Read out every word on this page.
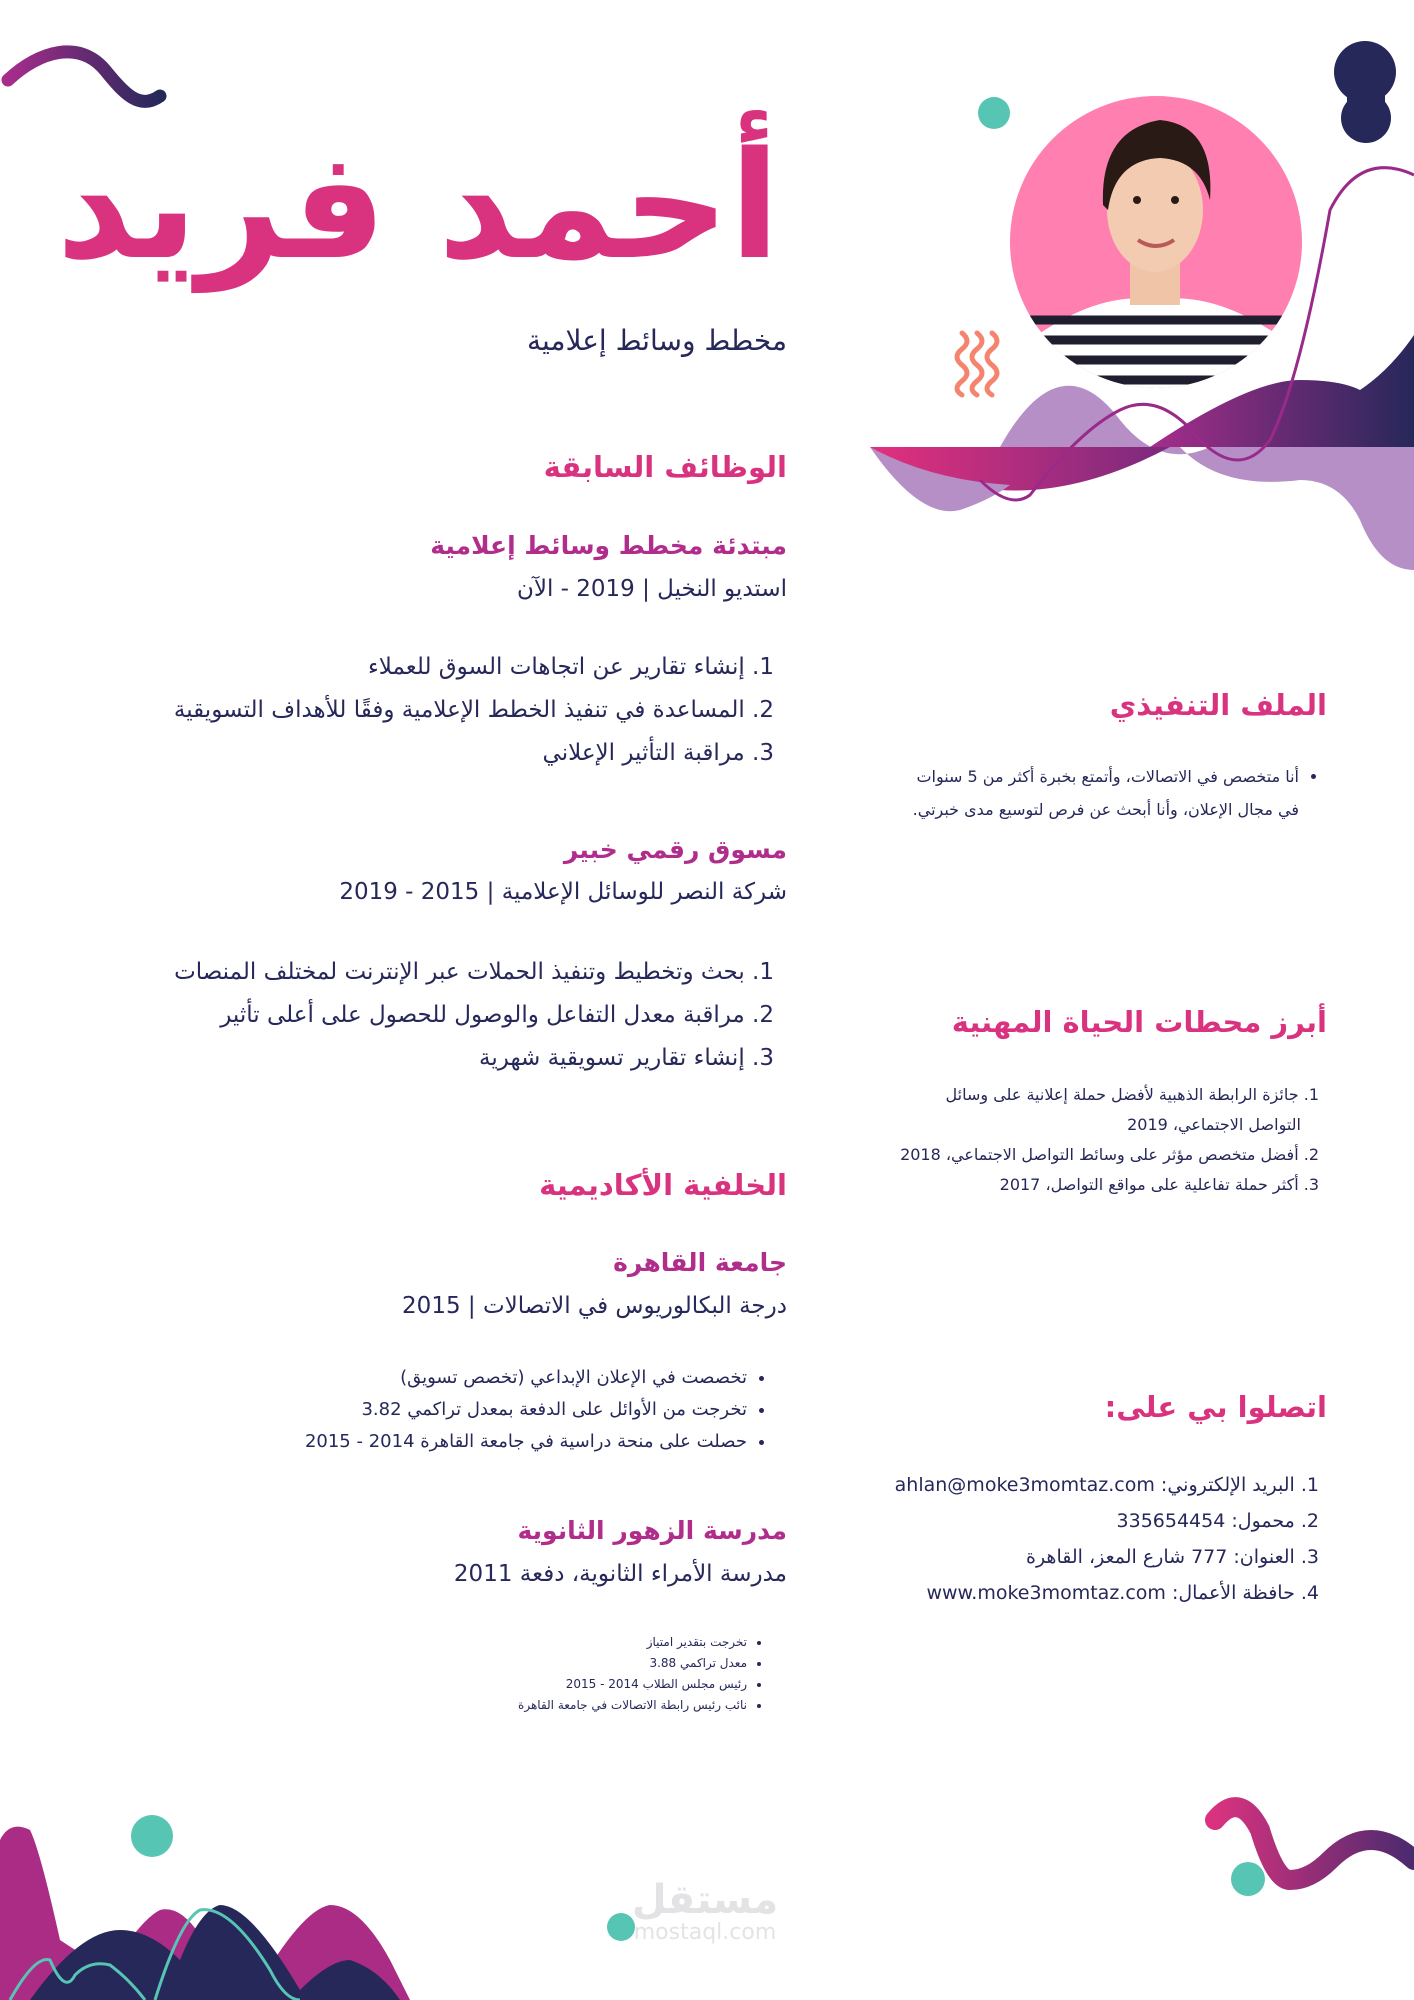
مستقل
mostaql.com
أحمد فريد
مخطط وسائط إعلامية
الوظائف السابقة
مبتدئة مخطط وسائط إعلامية
استديو النخيل | 2019 - الآن
1. إنشاء تقارير عن اتجاهات السوق للعملاء
2. المساعدة في تنفيذ الخطط الإعلامية وفقًا للأهداف التسويقية
3. مراقبة التأثير الإعلاني
مسوق رقمي خبير
شركة النصر للوسائل الإعلامية | 2015 - 2019
1. بحث وتخطيط وتنفيذ الحملات عبر الإنترنت لمختلف المنصات
2. مراقبة معدل التفاعل والوصول للحصول على أعلى تأثير
3. إنشاء تقارير تسويقية شهرية
الخلفية الأكاديمية
جامعة القاهرة
درجة البكالوريوس في الاتصالات | 2015
• تخصصت في الإعلان الإبداعي (تخصص تسويق)
• تخرجت من الأوائل على الدفعة بمعدل تراكمي 3.82
• حصلت على منحة دراسية في جامعة القاهرة 2014 - 2015
مدرسة الزهور الثانوية
مدرسة الأمراء الثانوية، دفعة 2011
• تخرجت بتقدير امتياز
• معدل تراكمي 3.88
• رئيس مجلس الطلاب 2014 - 2015
• نائب رئيس رابطة الاتصالات في جامعة القاهرة
الملف التنفيذي
• أنا متخصص في الاتصالات، وأتمتع بخبرة أكثر من 5 سنوات في مجال الإعلان، وأنا أبحث عن فرص لتوسيع مدى خبرتي.
أبرز محطات الحياة المهنية
1. جائزة الرابطة الذهبية لأفضل حملة إعلانية على وسائل
التواصل الاجتماعي، 2019
2. أفضل متخصص مؤثر على وسائط التواصل الاجتماعي، 2018
3. أكثر حملة تفاعلية على مواقع التواصل، 2017
اتصلوا بي على:
1. البريد الإلكتروني: ahlan@moke3momtaz.com
2. محمول: 335654454
3. العنوان: 777 شارع المعز، القاهرة
4. حافظة الأعمال: www.moke3momtaz.com
